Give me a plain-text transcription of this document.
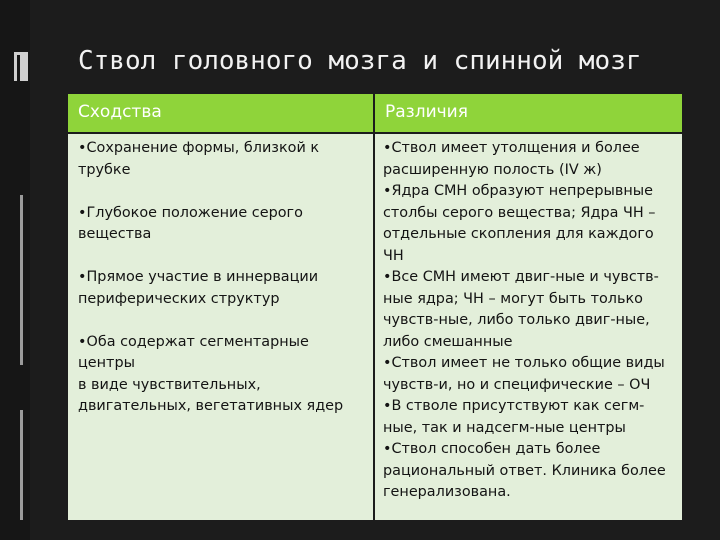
Ствол головного мозга и спинной мозг
Сходства	Различия

•Сохранение формы, близкой к
трубке

•Глубокое положение серого
вещества

•Прямое участие в иннервации
периферических структур

•Оба содержат сегментарные центры
в виде чувствительных,
двигательных, вегетативных ядер

•Ствол имеет утолщения и более
расширенную полость (IV ж)

•Ядра СМН образуют непрерывные
столбы серого вещества; Ядра ЧН –
отдельные скопления для каждого
ЧН

•Все СМН имеют двиг-ные и чувств-
ные ядра; ЧН – могут быть только
чувств-ные, либо только двиг-ные,
либо смешанные

•Ствол имеет не только общие виды
чувств-и, но и специфические – ОЧ

•В стволе присутствуют как сегм-
ные, так и надсегм-ные центры

•Ствол способен дать более
рациональный ответ. Клиника более
генерализована.
